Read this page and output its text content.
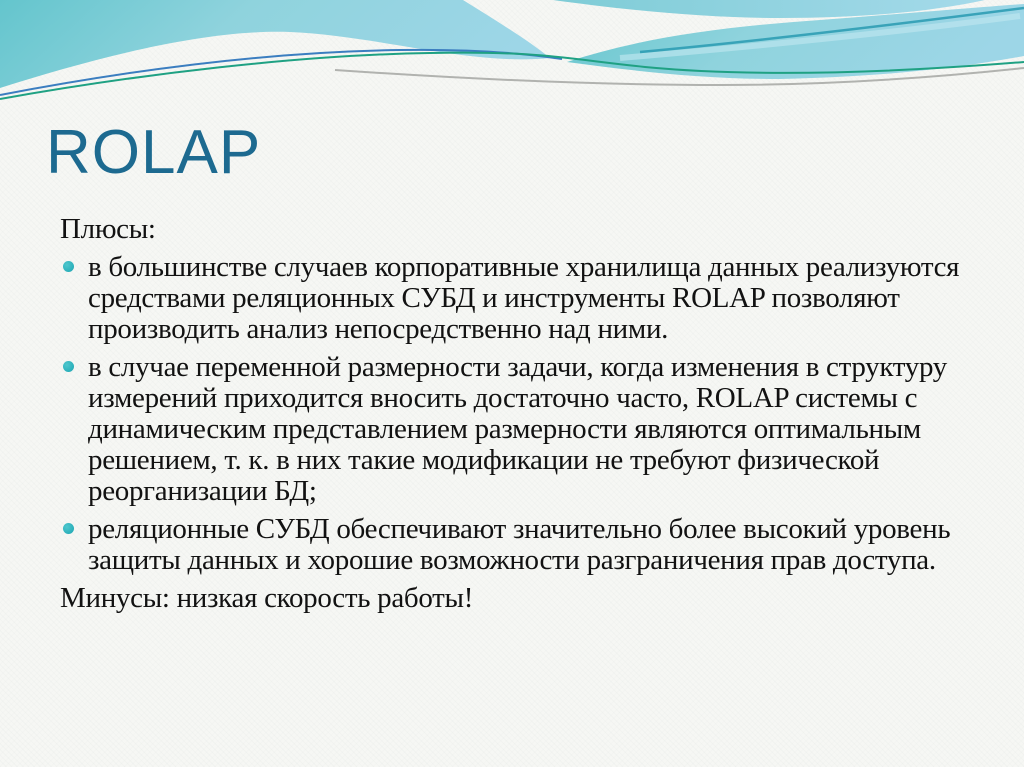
ROLAP

Плюсы:

в большинстве случаев корпоративные хранилища данных реализуются средствами реляционных СУБД и инструменты ROLAP позволяют производить анализ непосредственно над ними.
в случае переменной размерности задачи, когда изменения в структуру измерений приходится вносить достаточно часто, ROLAP системы с динамическим представлением размерности являются оптимальным решением, т. к. в них такие модификации не требуют физической реорганизации БД;
реляционные СУБД обеспечивают значительно более высокий уровень защиты данных и хорошие возможности разграничения прав доступа.

Минусы: низкая скорость работы!
